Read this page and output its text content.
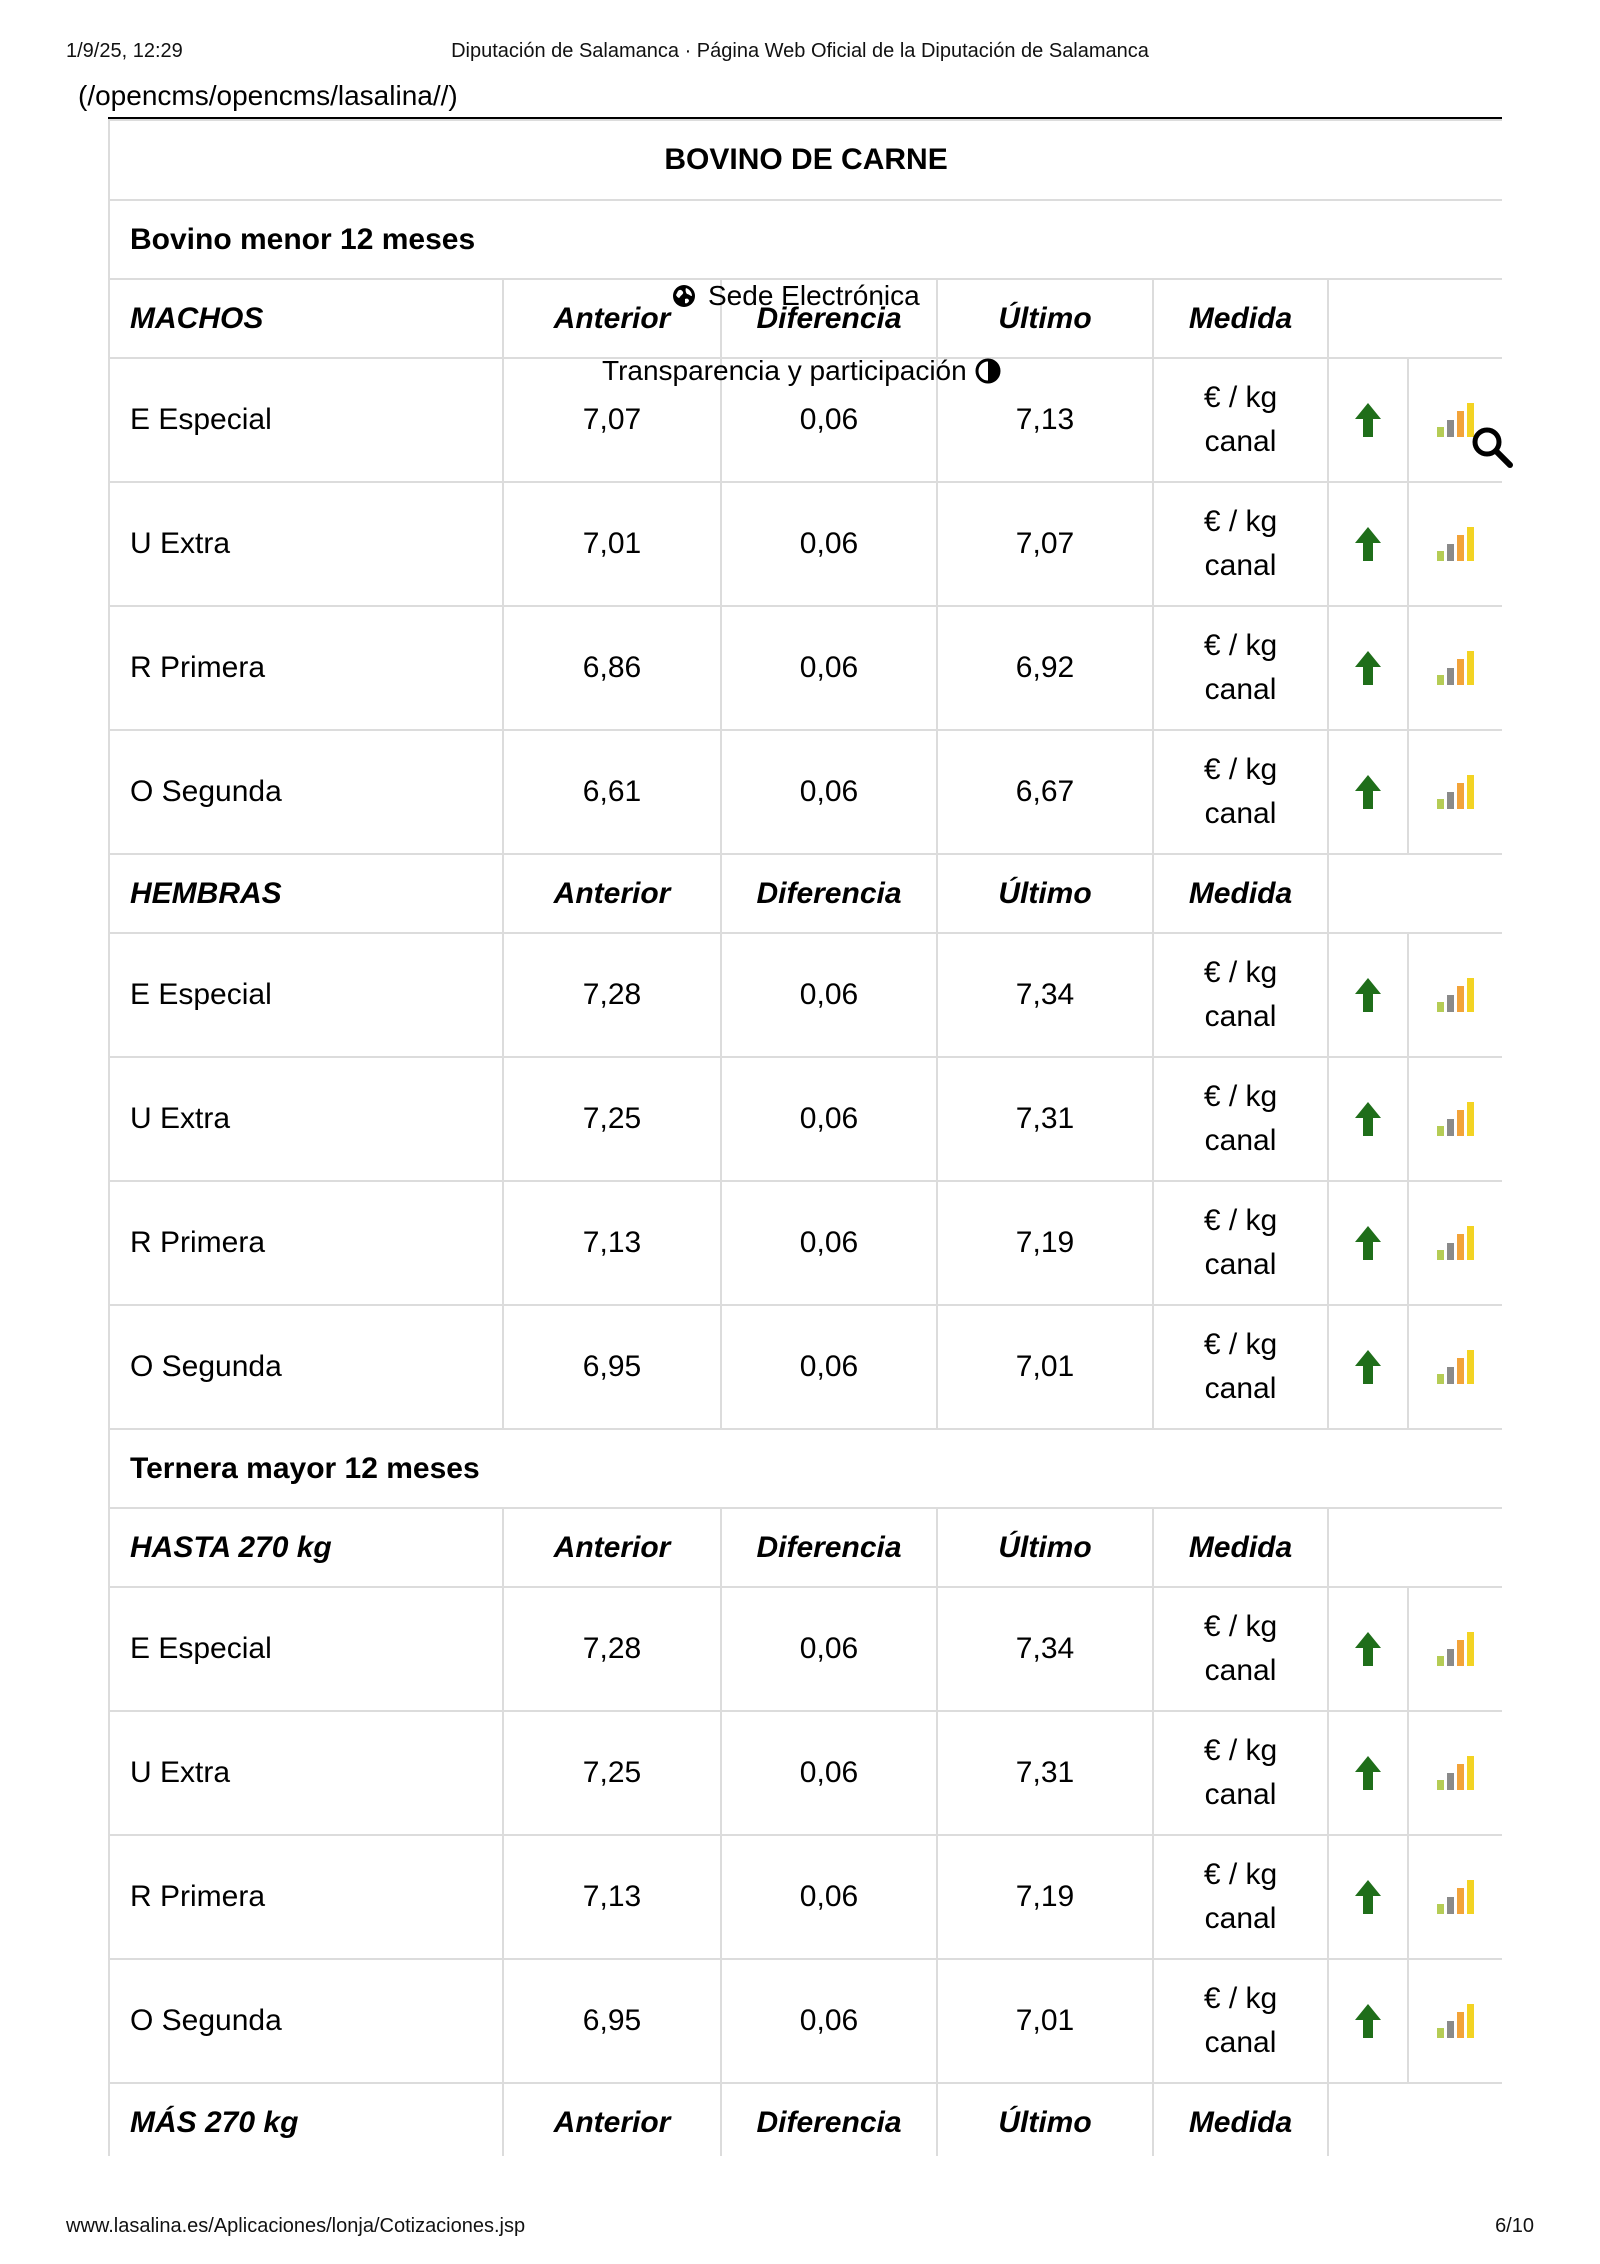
1/9/25, 12:29	Diputación de Salamanca · Página Web Oficial de la Diputación de Salamanca
(/opencms/opencms/lasalina//)
BOVINO DE CARNE						
Bovino menor 12 meses						
MACHOS	Anterior	Diferencia	Último	Medida		
E Especial	7,07	0,06	7,13	€ / kg
canal

U Extra	7,01	0,06	7,07	€ / kg
canal

R Primera	6,86	0,06	6,92	€ / kg
canal

O Segunda	6,61	0,06	6,67	€ / kg
canal

HEMBRAS	Anterior	Diferencia	Último	Medida		
E Especial	7,28	0,06	7,34	€ / kg
canal

U Extra	7,25	0,06	7,31	€ / kg
canal

R Primera	7,13	0,06	7,19	€ / kg
canal

O Segunda	6,95	0,06	7,01	€ / kg
canal

Ternera mayor 12 meses						
HASTA 270 kg	Anterior	Diferencia	Último	Medida		
E Especial	7,28	0,06	7,34	€ / kg
canal

U Extra	7,25	0,06	7,31	€ / kg
canal

R Primera	7,13	0,06	7,19	€ / kg
canal

O Segunda	6,95	0,06	7,01	€ / kg
canal

MÁS 270 kg	Anterior	Diferencia	Último	Medida		
Sede Electrónica
Transparencia y participación
www.lasalina.es/Aplicaciones/lonja/Cotizaciones.jsp	6/10
